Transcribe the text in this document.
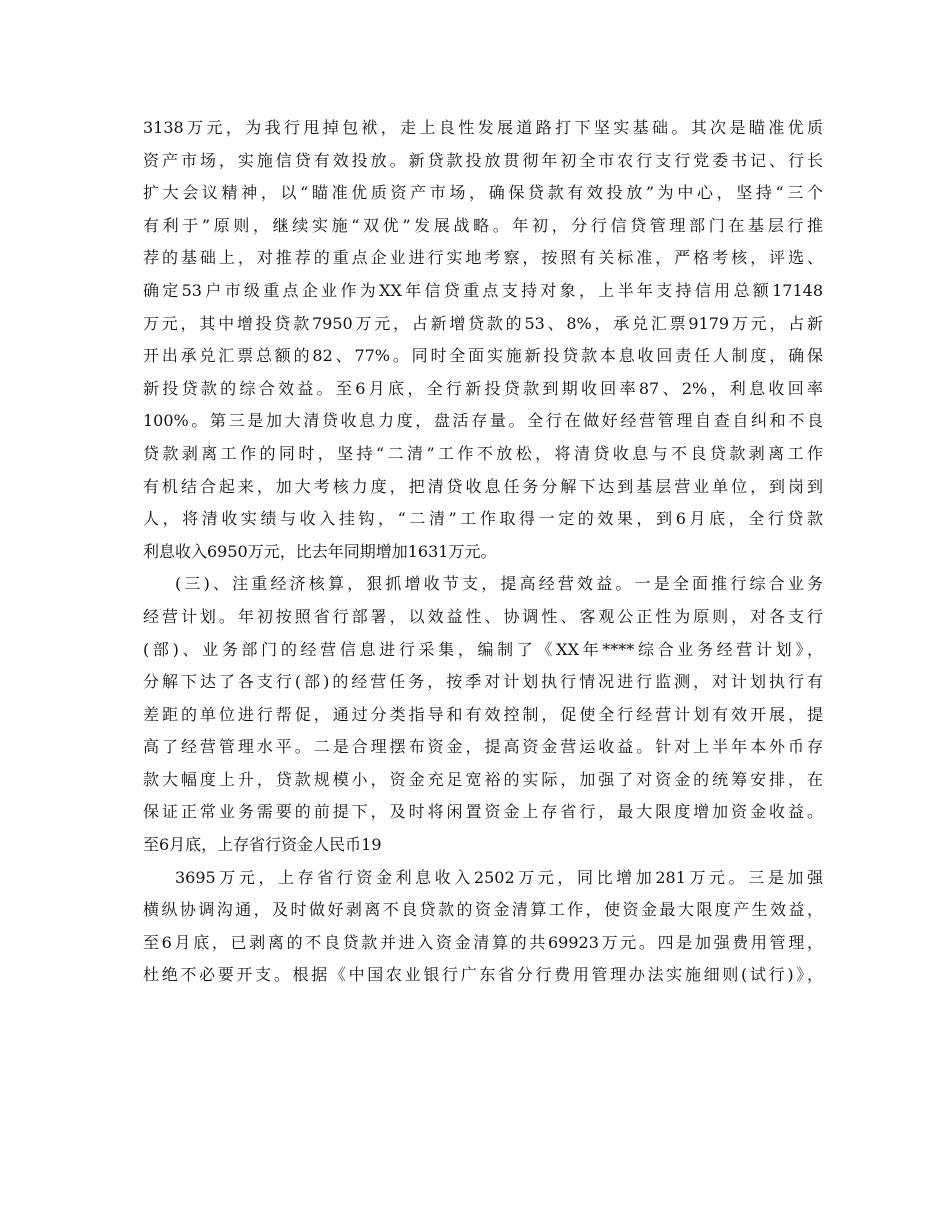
3138万元，为我行甩掉包袱，走上良性发展道路打下坚实基础。其次是瞄准优质
资产市场，实施信贷有效投放。新贷款投放贯彻年初全市农行支行党委书记、行长
扩大会议精神，以“瞄准优质资产市场，确保贷款有效投放”为中心，坚持“三个
有利于”原则，继续实施“双优”发展战略。年初，分行信贷管理部门在基层行推
荐的基础上，对推荐的重点企业进行实地考察，按照有关标准，严格考核，评选、
确定53户市级重点企业作为XX年信贷重点支持对象，上半年支持信用总额17148
万元，其中增投贷款7950万元，占新增贷款的53、8%，承兑汇票9179万元，占新
开出承兑汇票总额的82、77%。同时全面实施新投贷款本息收回责任人制度，确保
新投贷款的综合效益。至6月底，全行新投贷款到期收回率87、2%，利息收回率
100%。第三是加大清贷收息力度，盘活存量。全行在做好经营管理自查自纠和不良
贷款剥离工作的同时，坚持“二清”工作不放松，将清贷收息与不良贷款剥离工作
有机结合起来，加大考核力度，把清贷收息任务分解下达到基层营业单位，到岗到
人，将清收实绩与收入挂钩，“二清”工作取得一定的效果，到6月底，全行贷款
利息收入6950万元，比去年同期增加1631万元。
(三)、注重经济核算，狠抓增收节支，提高经营效益。一是全面推行综合业务
经营计划。年初按照省行部署，以效益性、协调性、客观公正性为原则，对各支行
(部)、业务部门的经营信息进行采集，编制了《XX年****综合业务经营计划》，
分解下达了各支行(部)的经营任务，按季对计划执行情况进行监测，对计划执行有
差距的单位进行帮促，通过分类指导和有效控制，促使全行经营计划有效开展，提
高了经营管理水平。二是合理摆布资金，提高资金营运收益。针对上半年本外币存
款大幅度上升，贷款规模小，资金充足宽裕的实际，加强了对资金的统筹安排，在
保证正常业务需要的前提下，及时将闲置资金上存省行，最大限度增加资金收益。
至6月底，上存省行资金人民币19
3695万元，上存省行资金利息收入2502万元，同比增加281万元。三是加强
横纵协调沟通，及时做好剥离不良贷款的资金清算工作，使资金最大限度产生效益，
至6月底，已剥离的不良贷款并进入资金清算的共69923万元。四是加强费用管理，
杜绝不必要开支。根据《中国农业银行广东省分行费用管理办法实施细则(试行)》，
